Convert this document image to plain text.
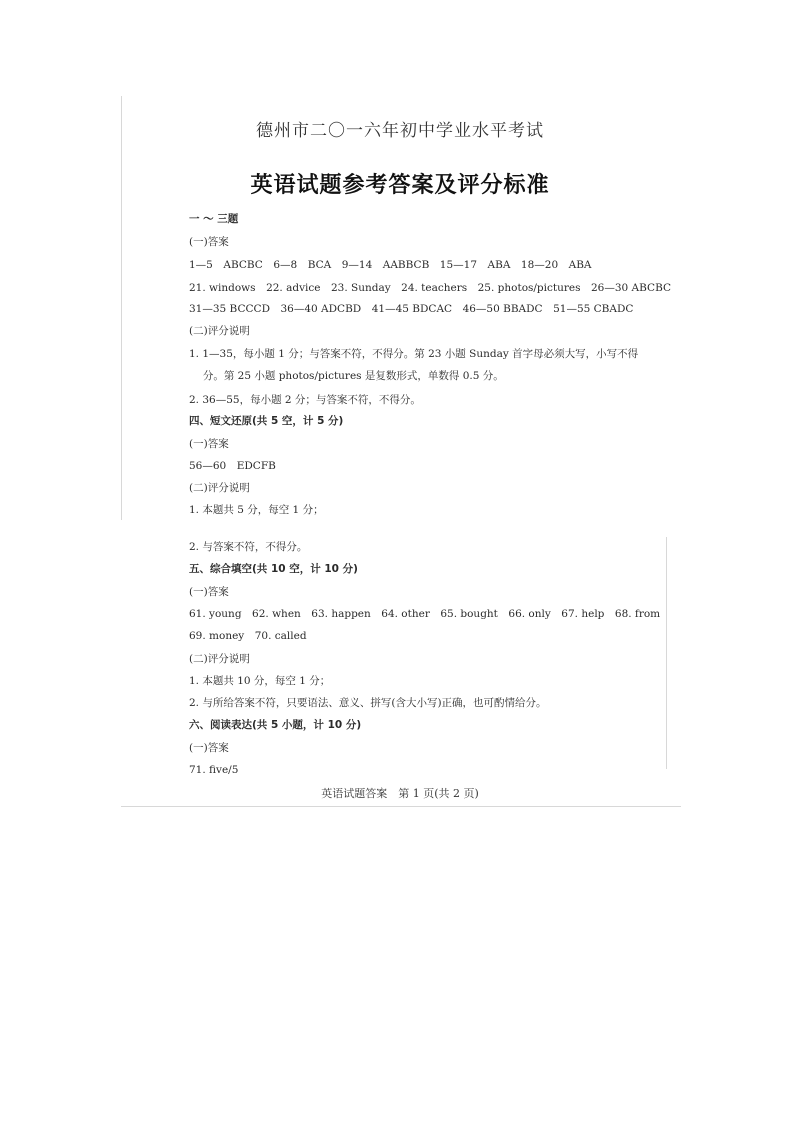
德州市二〇一六年初中学业水平考试
英语试题参考答案及评分标准
一 ～ 三题
(一)答案
1—5　ABCBC　6—8　BCA　9—14　AABBCB　15—17　ABA　18—20　ABA
21. windows　22. advice　23. Sunday　24. teachers　25. photos/pictures　26—30 ABCBC
31—35 BCCCD　36—40 ADCBD　41—45 BDCAC　46—50 BBADC　51—55 CBADC
(二)评分说明
1. 1—35，每小题 1 分；与答案不符，不得分。第 23 小题 Sunday 首字母必须大写，小写不得
　 分。第 25 小题 photos/pictures 是复数形式，单数得 0.5 分。
2. 36—55，每小题 2 分；与答案不符，不得分。
四、短文还原(共 5 空，计 5 分)
(一)答案
56—60　EDCFB
(二)评分说明
1. 本题共 5 分，每空 1 分；
2. 与答案不符，不得分。
五、综合填空(共 10 空，计 10 分)
(一)答案
61. young　62. when　63. happen　64. other　65. bought　66. only　67. help　68. from
69. money　70. called
(二)评分说明
1. 本题共 10 分，每空 1 分；
2. 与所给答案不符，只要语法、意义、拼写(含大小写)正确，也可酌情给分。
六、阅读表达(共 5 小题，计 10 分)
(一)答案
71. five/5
英语试题答案　第 1 页(共 2 页)
